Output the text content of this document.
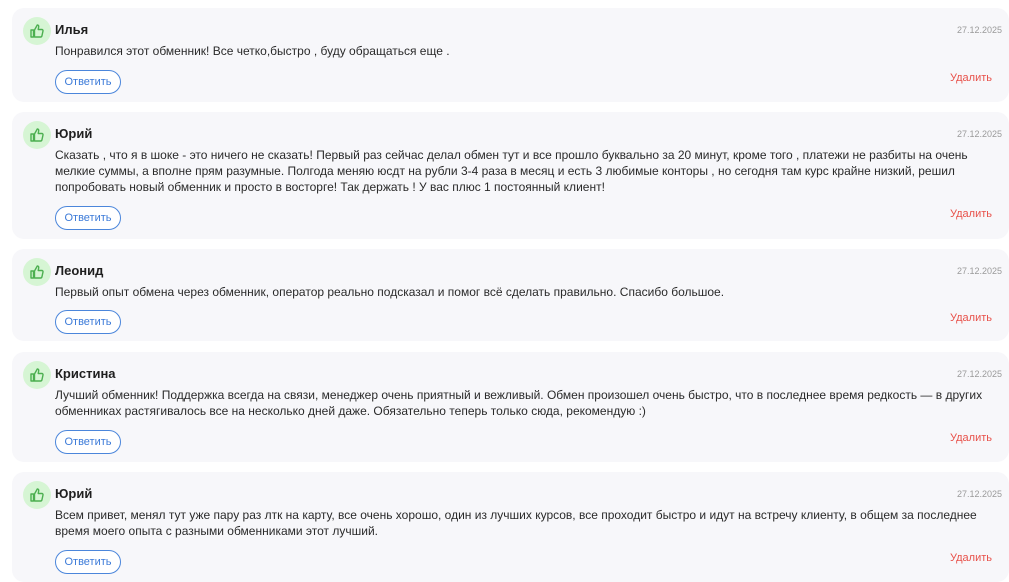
Илья	27.12.2025
Понравился этот обменник! Все четко,быстро , буду обращаться еще .
Ответить	Удалить
Юрий	27.12.2025
Сказать , что я в шоке - это ничего не сказать! Первый раз сейчас делал обмен тут и все прошло буквально за 20 минут, кроме того , платежи не разбиты на очень мелкие суммы, а вполне прям разумные. Полгода меняю юсдт на рубли 3-4 раза в месяц и есть 3 любимые конторы , но сегодня там курс крайне низкий, решил попробовать новый обменник и просто в восторге! Так держать ! У вас плюс 1 постоянный клиент!
Ответить	Удалить
Леонид	27.12.2025
Первый опыт обмена через обменник, оператор реально подсказал и помог всё сделать правильно. Спасибо большое.
Ответить	Удалить
Кристина	27.12.2025
Лучший обменник! Поддержка всегда на связи, менеджер очень приятный и вежливый. Обмен произошел очень быстро, что в последнее время редкость — в других обменниках растягивалось все на несколько дней даже. Обязательно теперь только сюда, рекомендую :)
Ответить	Удалить
Юрий	27.12.2025
Всем привет, менял тут уже пару раз лтк на карту, все очень хорошо, один из лучших курсов, все проходит быстро и идут на встречу клиенту, в общем за последнее время моего опыта с разными обменниками этот лучший.
Ответить	Удалить
